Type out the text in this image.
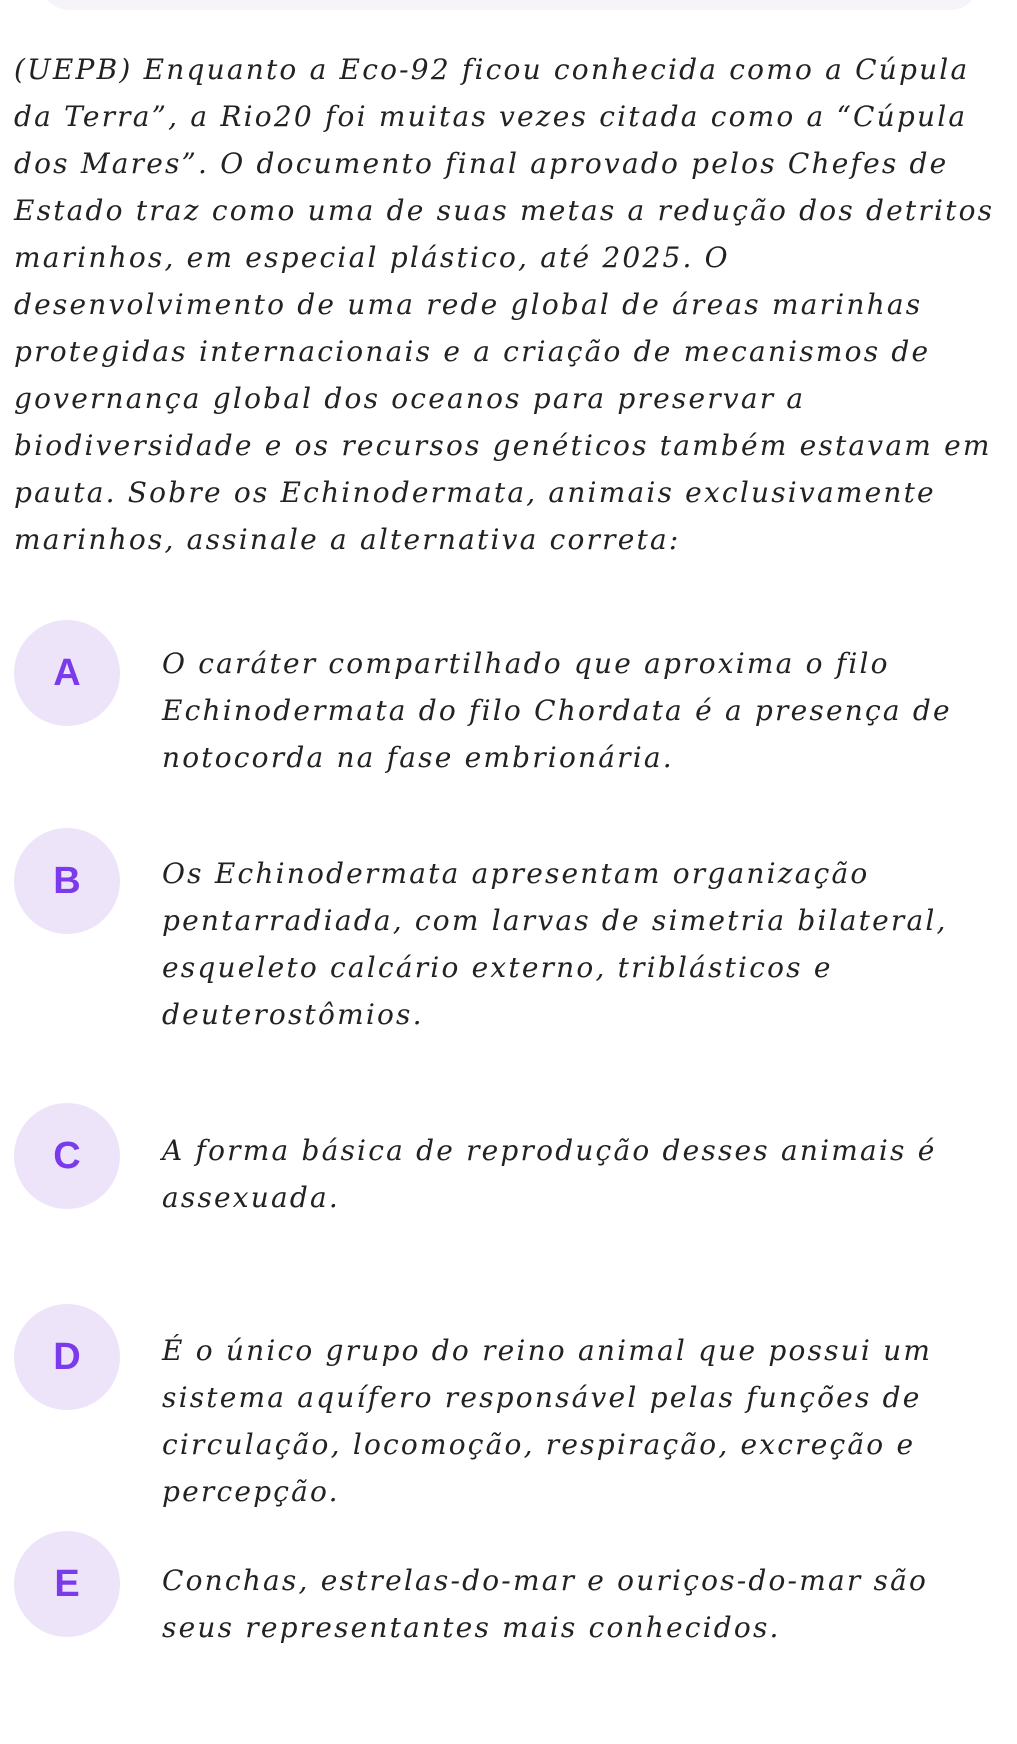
(UEPB) Enquanto a Eco-92 ficou conhecida como a Cúpula da Terra”, a Rio20 foi muitas vezes citada como a “Cúpula dos Mares”. O documento final aprovado pelos Chefes de Estado traz como uma de suas metas a redução dos detritos marinhos, em especial plástico, até 2025. O desenvolvimento de uma rede global de áreas marinhas protegidas internacionais e a criação de mecanismos de governança global dos oceanos para preservar a biodiversidade e os recursos genéticos também estavam em pauta. Sobre os Echinodermata, animais exclusivamente marinhos, assinale a alternativa correta:

A	O caráter compartilhado que aproxima o filo Echinodermata do filo Chordata é a presença de notocorda na fase embrionária.
B	Os Echinodermata apresentam organização pentarradiada, com larvas de simetria bilateral, esqueleto calcário externo, triblásticos e deuterostômios.
C	A forma básica de reprodução desses animais é assexuada.
D	É o único grupo do reino animal que possui um sistema aquífero responsável pelas funções de circulação, locomoção, respiração, excreção e percepção.
E	Conchas, estrelas-do-mar e ouriços-do-mar são seus representantes mais conhecidos.
